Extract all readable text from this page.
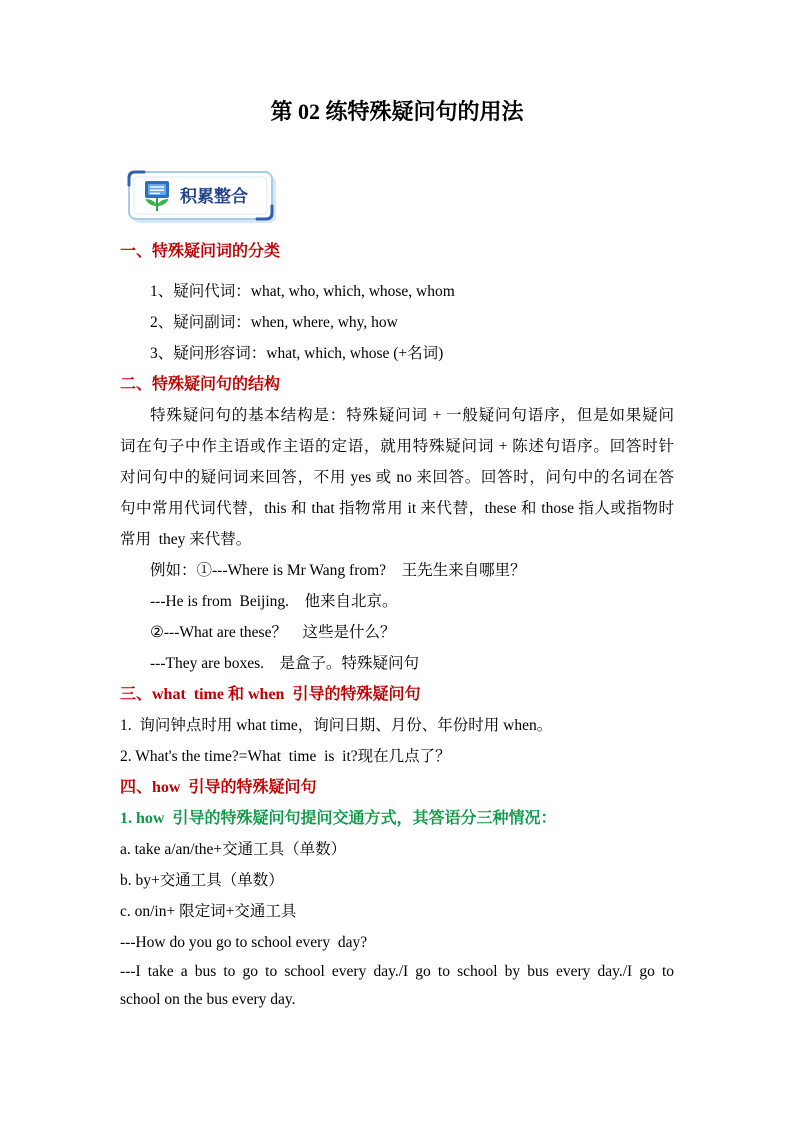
第 02 练特殊疑问句的用法
积累整合
一、特殊疑问词的分类
1、疑问代词：what, who, which, whose, whom
2、疑问副词：when, where, why, how
3、疑问形容词：what, which, whose (+名词)
二、特殊疑问句的结构
特殊疑问句的基本结构是：特殊疑问词 + 一般疑问句语序，但是如果疑问
词在句子中作主语或作主语的定语，就用特殊疑问词 + 陈述句语序。回答时针
对问句中的疑问词来回答，不用 yes 或 no 来回答。回答时，问句中的名词在答
句中常用代词代替，this 和 that 指物常用 it 来代替，these 和 those 指人或指物时
常用  they 来代替。
例如：①---Where is Mr Wang from?    王先生来自哪里？
---He is from  Beijing.    他来自北京。
②---What are these？    这些是什么？
---They are boxes.    是盒子。特殊疑问句
三、what  time 和 when  引导的特殊疑问句
1.  询问钟点时用 what time，询问日期、月份、年份时用 when。
2. What's the time?=What  time  is  it?现在几点了？
四、how  引导的特殊疑问句
1. how  引导的特殊疑问句提问交通方式，其答语分三种情况：
a. take a/an/the+交通工具（单数）
b. by+交通工具（单数）
c. on/in+ 限定词+交通工具
---How do you go to school every  day?
---I take a bus to go to school every day./I go to school by bus every day./I go to
school on the bus every day.
